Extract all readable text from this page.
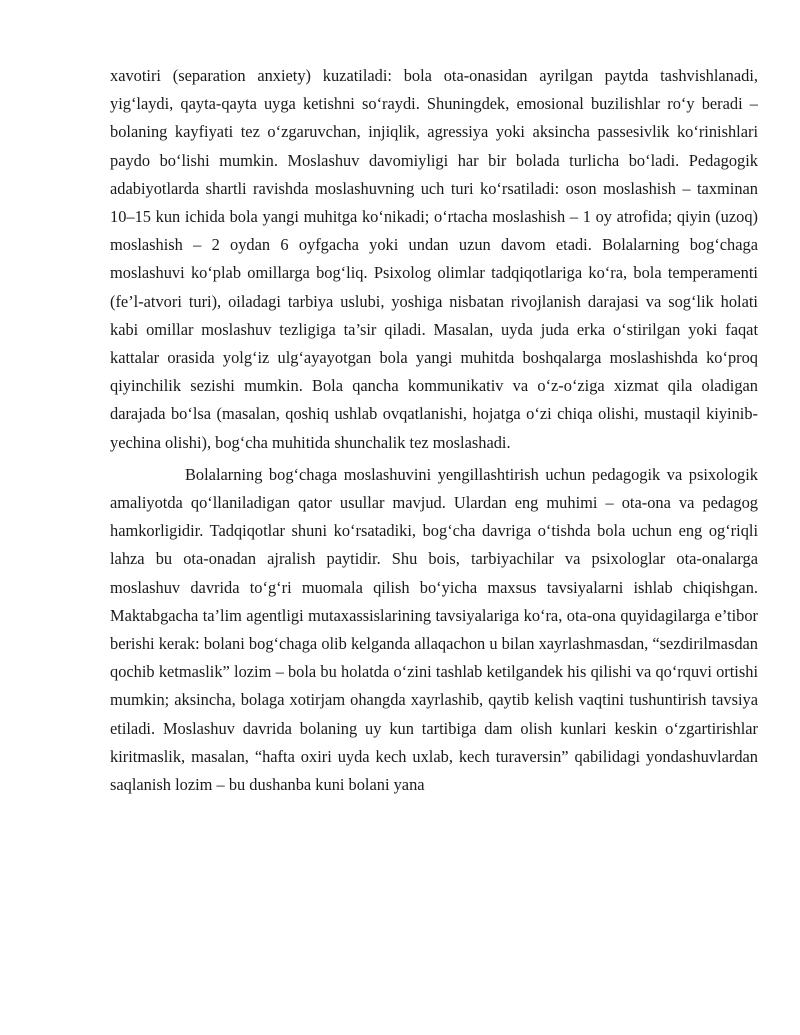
xavotiri (separation anxiety) kuzatiladi: bola ota-onasidan ayrilgan paytda tashvishlanadi, yig‘laydi, qayta-qayta uyga ketishni so‘raydi. Shuningdek, emosional buzilishlar ro‘y beradi – bolaning kayfiyati tez o‘zgaruvchan, injiqlik, agressiya yoki aksincha passesivlik ko‘rinishlari paydo bo‘lishi mumkin. Moslashuv davomiyligi har bir bolada turlicha bo‘ladi. Pedagogik adabiyotlarda shartli ravishda moslashuvning uch turi ko‘rsatiladi: oson moslashish – taxminan 10–15 kun ichida bola yangi muhitga ko‘nikadi; o‘rtacha moslashish – 1 oy atrofida; qiyin (uzoq) moslashish – 2 oydan 6 oyfgacha yoki undan uzun davom etadi. Bolalarning bog‘chaga moslashuvi ko‘plab omillarga bog‘liq. Psixolog olimlar tadqiqotlariga ko‘ra, bola temperamenti (fe’l-atvori turi), oiladagi tarbiya uslubi, yoshiga nisbatan rivojlanish darajasi va sog‘lik holati kabi omillar moslashuv tezligiga ta’sir qiladi. Masalan, uyda juda erka o‘stirilgan yoki faqat kattalar orasida yolg‘iz ulg‘ayayotgan bola yangi muhitda boshqalarga moslashishda ko‘proq qiyinchilik sezishi mumkin. Bola qancha kommunikativ va o‘z-o‘ziga xizmat qila oladigan darajada bo‘lsa (masalan, qoshiq ushlab ovqatlanishi, hojatga o‘zi chiqa olishi, mustaqil kiyinib-yechina olishi), bog‘cha muhitida shunchalik tez moslashadi.

Bolalarning bog‘chaga moslashuvini yengillashtirish uchun pedagogik va psixologik amaliyotda qo‘llaniladigan qator usullar mavjud. Ulardan eng muhimi – ota-ona va pedagog hamkorligidir. Tadqiqotlar shuni ko‘rsatadiki, bog‘cha davriga o‘tishda bola uchun eng og‘riqli lahza bu ota-onadan ajralish paytidir. Shu bois, tarbiyachilar va psixologlar ota-onalarga moslashuv davrida to‘g‘ri muomala qilish bo‘yicha maxsus tavsiyalarni ishlab chiqishgan. Maktabgacha ta’lim agentligi mutaxassislarining tavsiyalariga ko‘ra, ota-ona quyidagilarga e’tibor berishi kerak: bolani bog‘chaga olib kelganda allaqachon u bilan xayrlashmasdan, “sezdirilmasdan qochib ketmaslik” lozim – bola bu holatda o‘zini tashlab ketilgandek his qilishi va qo‘rquvi ortishi mumkin; aksincha, bolaga xotirjam ohangda xayrlashib, qaytib kelish vaqtini tushuntirish tavsiya etiladi. Moslashuv davrida bolaning uy kun tartibiga dam olish kunlari keskin o‘zgartirishlar kiritmaslik, masalan, “hafta oxiri uyda kech uxlab, kech turaversin” qabilidagi yondashuvlardan saqlanish lozim – bu dushanba kuni bolani yana
